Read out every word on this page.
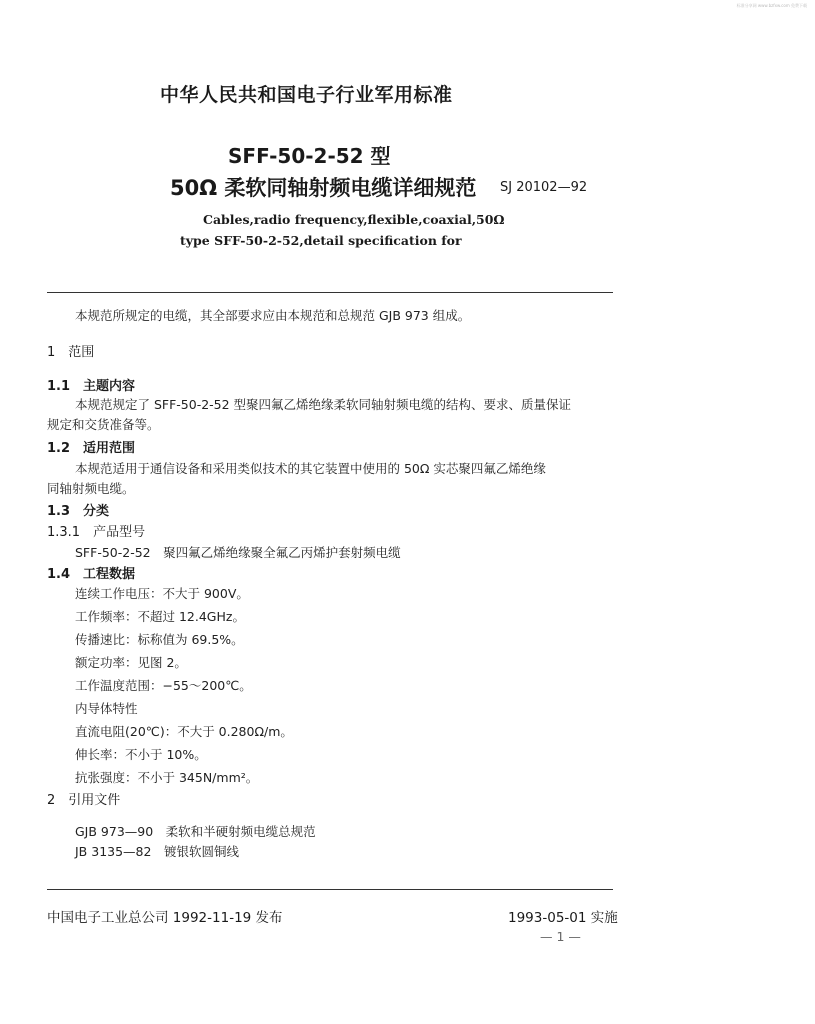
标准分享网 www.bzfxw.com 免费下载
中华人民共和国电子行业军用标准
SFF-50-2-52 型
50Ω 柔软同轴射频电缆详细规范 SJ 20102—92
Cables,radio frequency,flexible,coaxial,50Ω
type SFF-50-2-52,detail specification for
本规范所规定的电缆，其全部要求应由本规范和总规范 GJB 973 组成。
1　范围
1.1　主题内容
本规范规定了 SFF-50-2-52 型聚四氟乙烯绝缘柔软同轴射频电缆的结构、要求、质量保证
规定和交货准备等。
1.2　适用范围
本规范适用于通信设备和采用类似技术的其它装置中使用的 50Ω 实芯聚四氟乙烯绝缘
同轴射频电缆。
1.3　分类
1.3.1　产品型号
SFF-50-2-52　聚四氟乙烯绝缘聚全氟乙丙烯护套射频电缆
1.4　工程数据
连续工作电压：不大于 900V。
工作频率：不超过 12.4GHz。
传播速比：标称值为 69.5%。
额定功率：见图 2。
工作温度范围：−55～200℃。
内导体特性
直流电阻(20℃)：不大于 0.280Ω/m。
伸长率：不小于 10%。
抗张强度：不小于 345N/mm²。
2　引用文件
GJB 973—90　柔软和半硬射频电缆总规范
JB 3135—82　镀银软圆铜线
中国电子工业总公司 1992-11-19 发布	1993-05-01 实施
— 1 —
